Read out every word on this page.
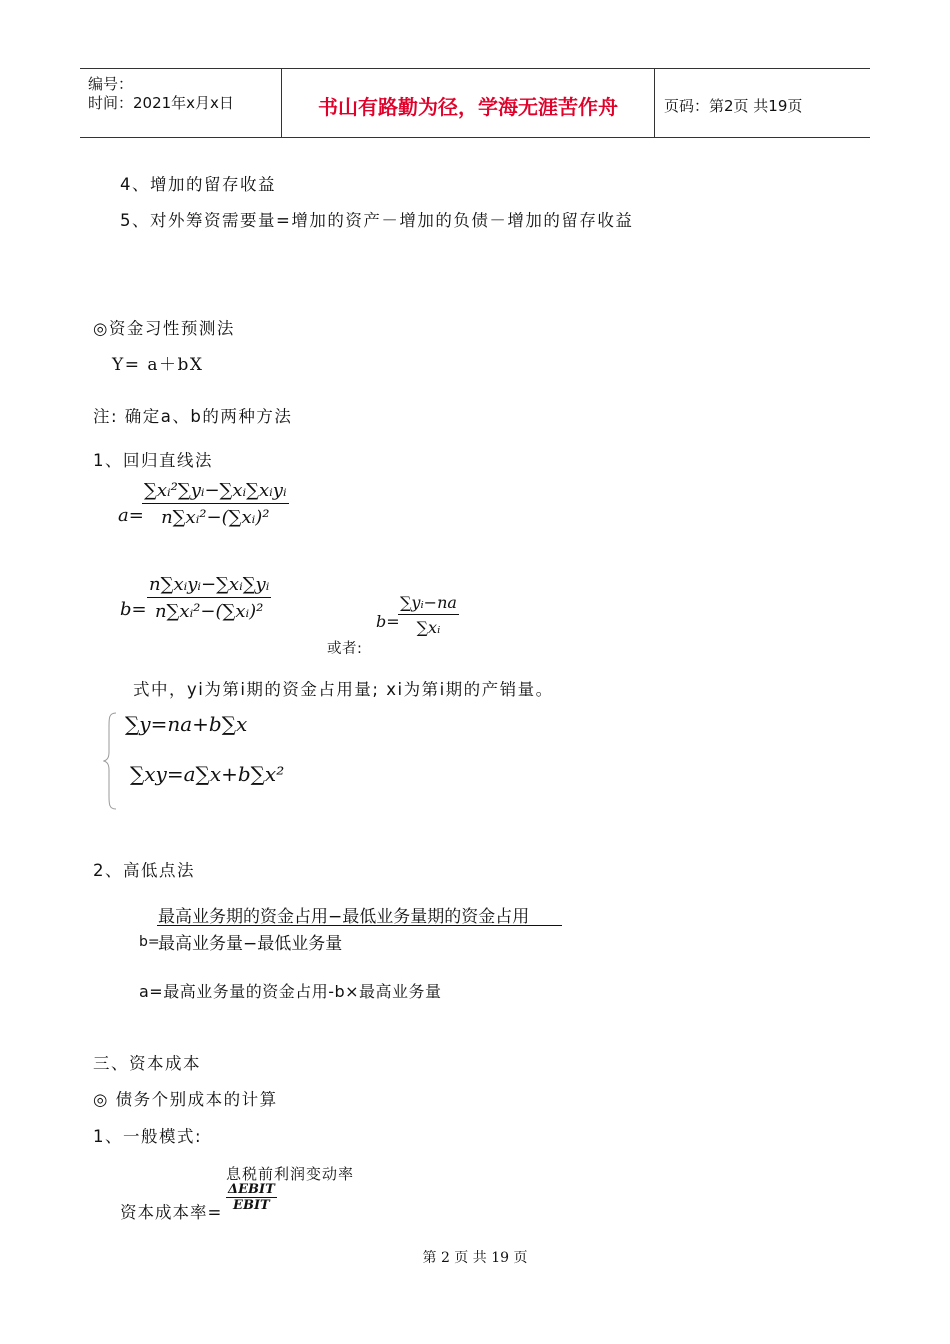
编号：
时间：2021年x月x日	书山有路勤为径，学海无涯苦作舟	页码：第2页 共19页
4、增加的留存收益
5、对外筹资需要量=增加的资产－增加的负债－增加的留存收益
◎资金习性预测法
Y= a＋bX
注: 确定a、b的两种方法
1、回归直线法
a=
∑xᵢ²∑yᵢ−∑xᵢ∑xᵢyᵢ
n∑xᵢ²−(∑xᵢ)²
b=
n∑xᵢyᵢ−∑xᵢ∑yᵢ
n∑xᵢ²−(∑xᵢ)²
或者:
b=
$\frac{\text{∑yᵢ−na}}{\text{∑xᵢ}}$
式中，yi为第i期的资金占用量; xi为第i期的产销量。
∑y=na+b∑x
∑xy=a∑x+b∑x²
2、高低点法
最高业务期的资金占用−最低业务量期的资金占用
b=
最高业务量−最低业务量
a=最高业务量的资金占用-b×最高业务量
三、资本成本
◎ 债务个别成本的计算
1、一般模式:
息税前利润变动率
资本成本率=
ΔEBIT
EBIT
第 2 页 共 19 页
